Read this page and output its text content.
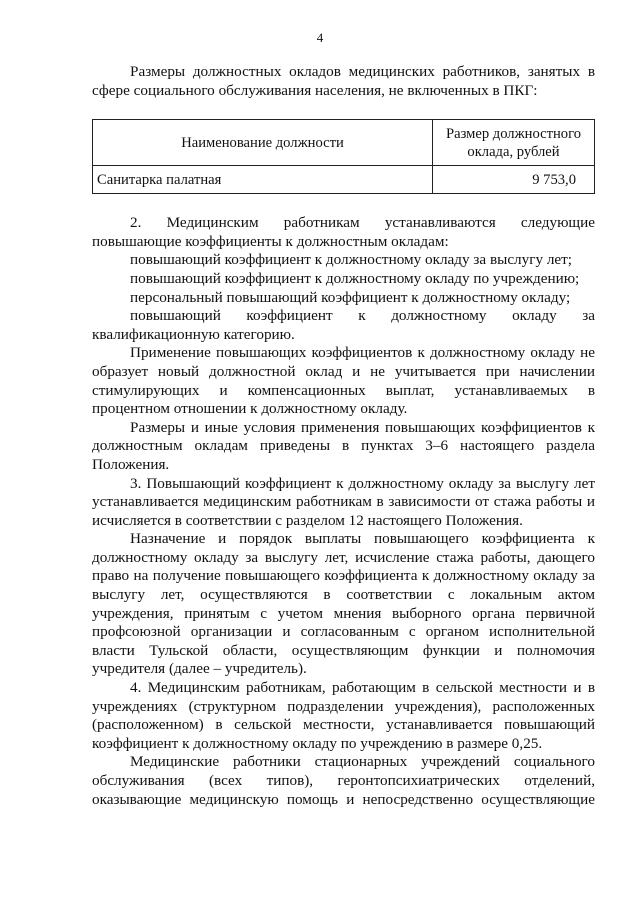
4

Размеры должностных окладов медицинских работников, занятых в сфере социального обслуживания населения, не включенных в ПКГ:

Наименование должности	Размер должностного оклада, рублей
Санитарка палатная	9 753,0

2. Медицинским работникам устанавливаются следующие повышающие коэффициенты к должностным окладам:

повышающий коэффициент к должностному окладу за выслугу лет;

повышающий коэффициент к должностному окладу по учреждению;

персональный повышающий коэффициент к должностному окладу;

повышающий коэффициент к должностному окладу за квалификационную категорию.

Применение повышающих коэффициентов к должностному окладу не образует новый должностной оклад и не учитывается при начислении стимулирующих и компенсационных выплат, устанавливаемых в процентном отношении к должностному окладу.

Размеры и иные условия применения повышающих коэффициентов к должностным окладам приведены в пунктах 3–6 настоящего раздела Положения.

3. Повышающий коэффициент к должностному окладу за выслугу лет устанавливается медицинским работникам в зависимости от стажа работы и исчисляется в соответствии с разделом 12 настоящего Положения.

Назначение и порядок выплаты повышающего коэффициента к должностному окладу за выслугу лет, исчисление стажа работы, дающего право на получение повышающего коэффициента к должностному окладу за выслугу лет, осуществляются в соответствии с локальным актом учреждения, принятым с учетом мнения выборного органа первичной профсоюзной организации и согласованным с органом исполнительной власти Тульской области, осуществляющим функции и полномочия учредителя (далее – учредитель).

4. Медицинским работникам, работающим в сельской местности и в учреждениях (структурном подразделении учреждения), расположенных (расположенном) в сельской местности, устанавливается повышающий коэффициент к должностному окладу по учреждению в размере 0,25.

Медицинские работники стационарных учреждений социального обслуживания (всех типов), геронтопсихиатрических отделений, оказывающие медицинскую помощь и непосредственно осуществляющие
